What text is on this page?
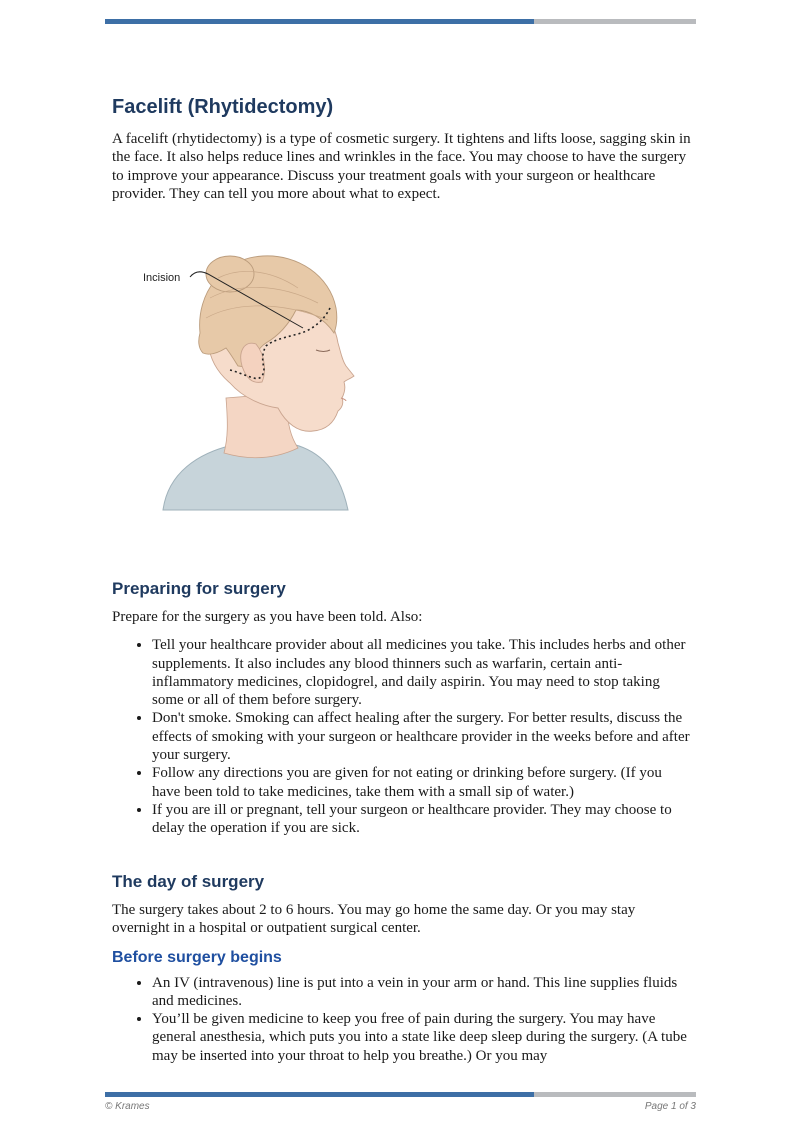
Facelift (Rhytidectomy)

A facelift (rhytidectomy) is a type of cosmetic surgery. It tightens and lifts loose, sagging skin in the face. It also helps reduce lines and wrinkles in the face. You may choose to have the surgery to improve your appearance. Discuss your treatment goals with your surgeon or healthcare provider. They can tell you more about what to expect.

Incision
Preparing for surgery

Prepare for the surgery as you have been told. Also:

• Tell your healthcare provider about all medicines you take. This includes herbs and other supplements. It also includes any blood thinners such as warfarin, certain anti-inflammatory medicines, clopidogrel, and daily aspirin. You may need to stop taking some or all of them before surgery.
• Don't smoke. Smoking can affect healing after the surgery. For better results, discuss the effects of smoking with your surgeon or healthcare provider in the weeks before and after your surgery.
• Follow any directions you are given for not eating or drinking before surgery. (If you have been told to take medicines, take them with a small sip of water.)
• If you are ill or pregnant, tell your surgeon or healthcare provider. They may choose to delay the operation if you are sick.
The day of surgery

The surgery takes about 2 to 6 hours. You may go home the same day. Or you may stay overnight in a hospital or outpatient surgical center.

Before surgery begins
• An IV (intravenous) line is put into a vein in your arm or hand. This line supplies fluids and medicines.
• You’ll be given medicine to keep you free of pain during the surgery. You may have general anesthesia, which puts you into a state like deep sleep during the surgery. (A tube may be inserted into your throat to help you breathe.) Or you may
© Krames	Page 1 of 3
